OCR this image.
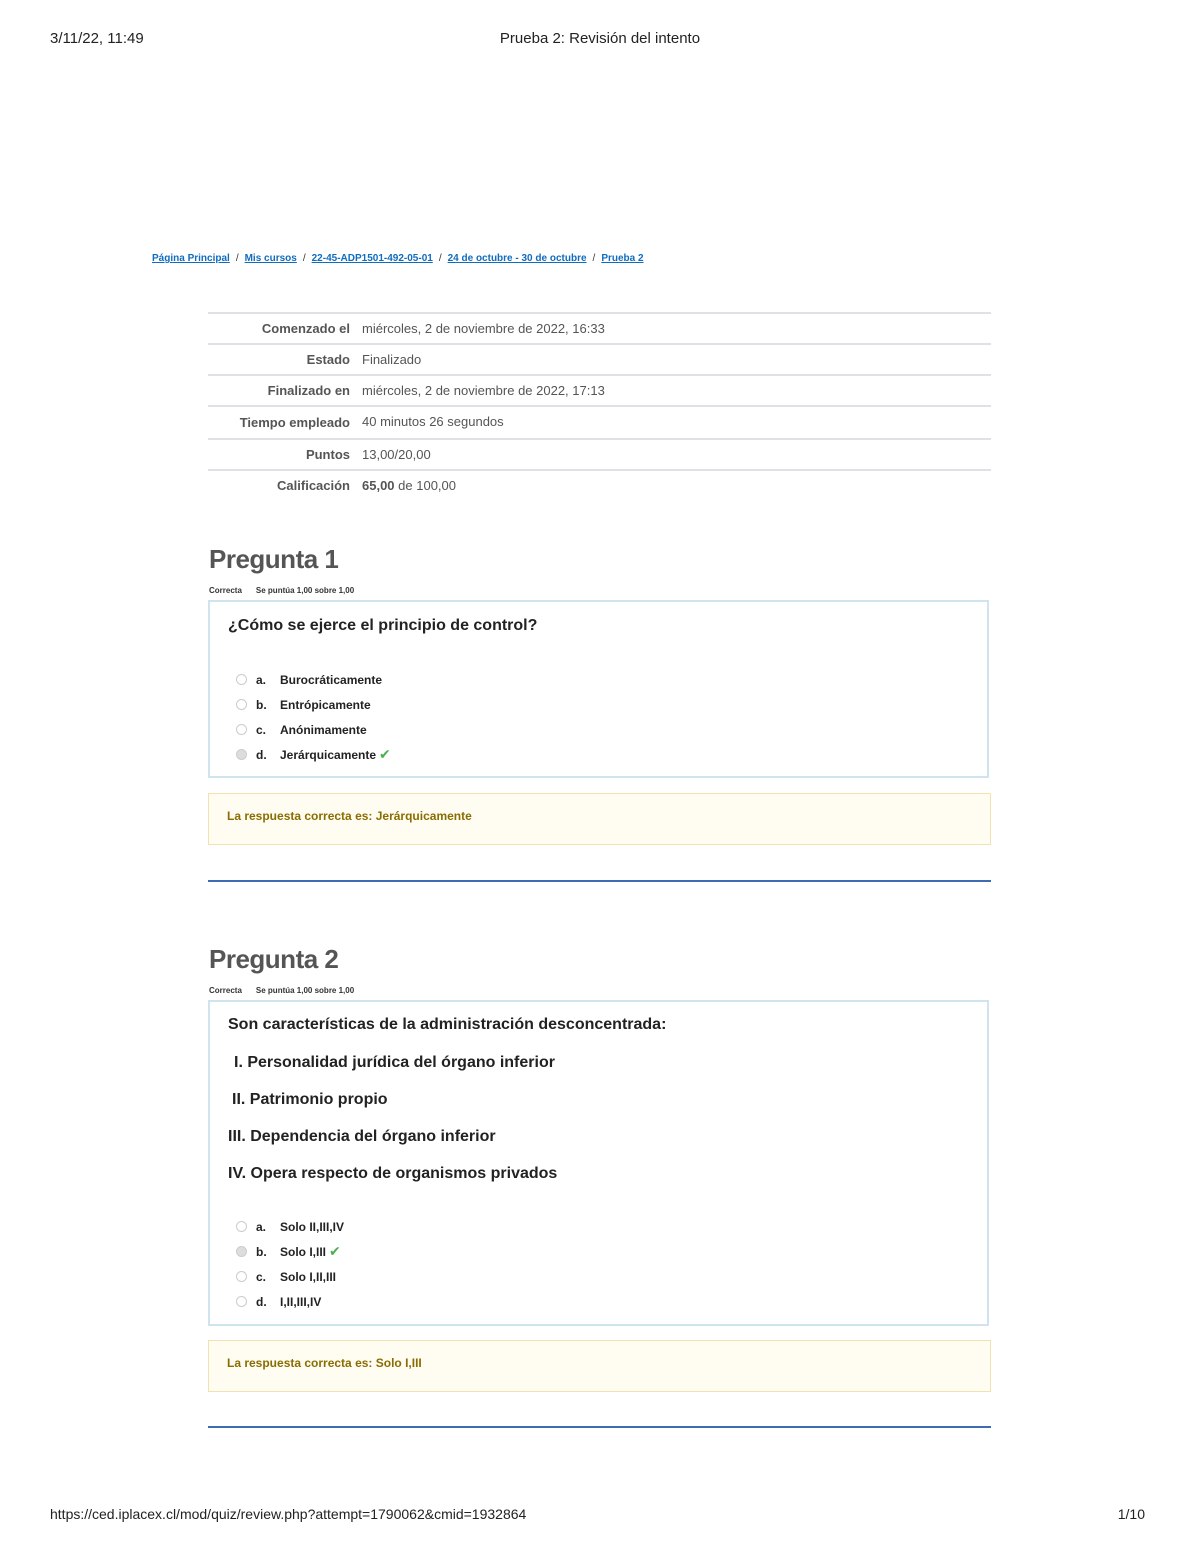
3/11/22, 11:49	Prueba 2: Revisión del intento
Página Principal / Mis cursos / 22-45-ADP1501-492-05-01 / 24 de octubre - 30 de octubre / Prueba 2
Comenzado el	miércoles, 2 de noviembre de 2022, 16:33
Estado	Finalizado
Finalizado en	miércoles, 2 de noviembre de 2022, 17:13
Tiempo empleado	40 minutos 26 segundos
Puntos	13,00/20,00
Calificación	65,00 de 100,00
Pregunta 1
Correcta Se puntúa 1,00 sobre 1,00
¿Cómo se ejerce el principio de control?
a.	Burocráticamente
b.	Entrópicamente
c.	Anónimamente
d.	Jerárquicamente ✔
La respuesta correcta es: Jerárquicamente
Pregunta 2
Correcta Se puntúa 1,00 sobre 1,00
Son características de la administración desconcentrada:
I. Personalidad jurídica del órgano inferior
II. Patrimonio propio
III. Dependencia del órgano inferior
IV. Opera respecto de organismos privados
a.	Solo II,III,IV
b.	Solo I,III ✔
c.	Solo I,II,III
d.	I,II,III,IV
La respuesta correcta es: Solo I,III
https://ced.iplacex.cl/mod/quiz/review.php?attempt=1790062&cmid=1932864	1/10
